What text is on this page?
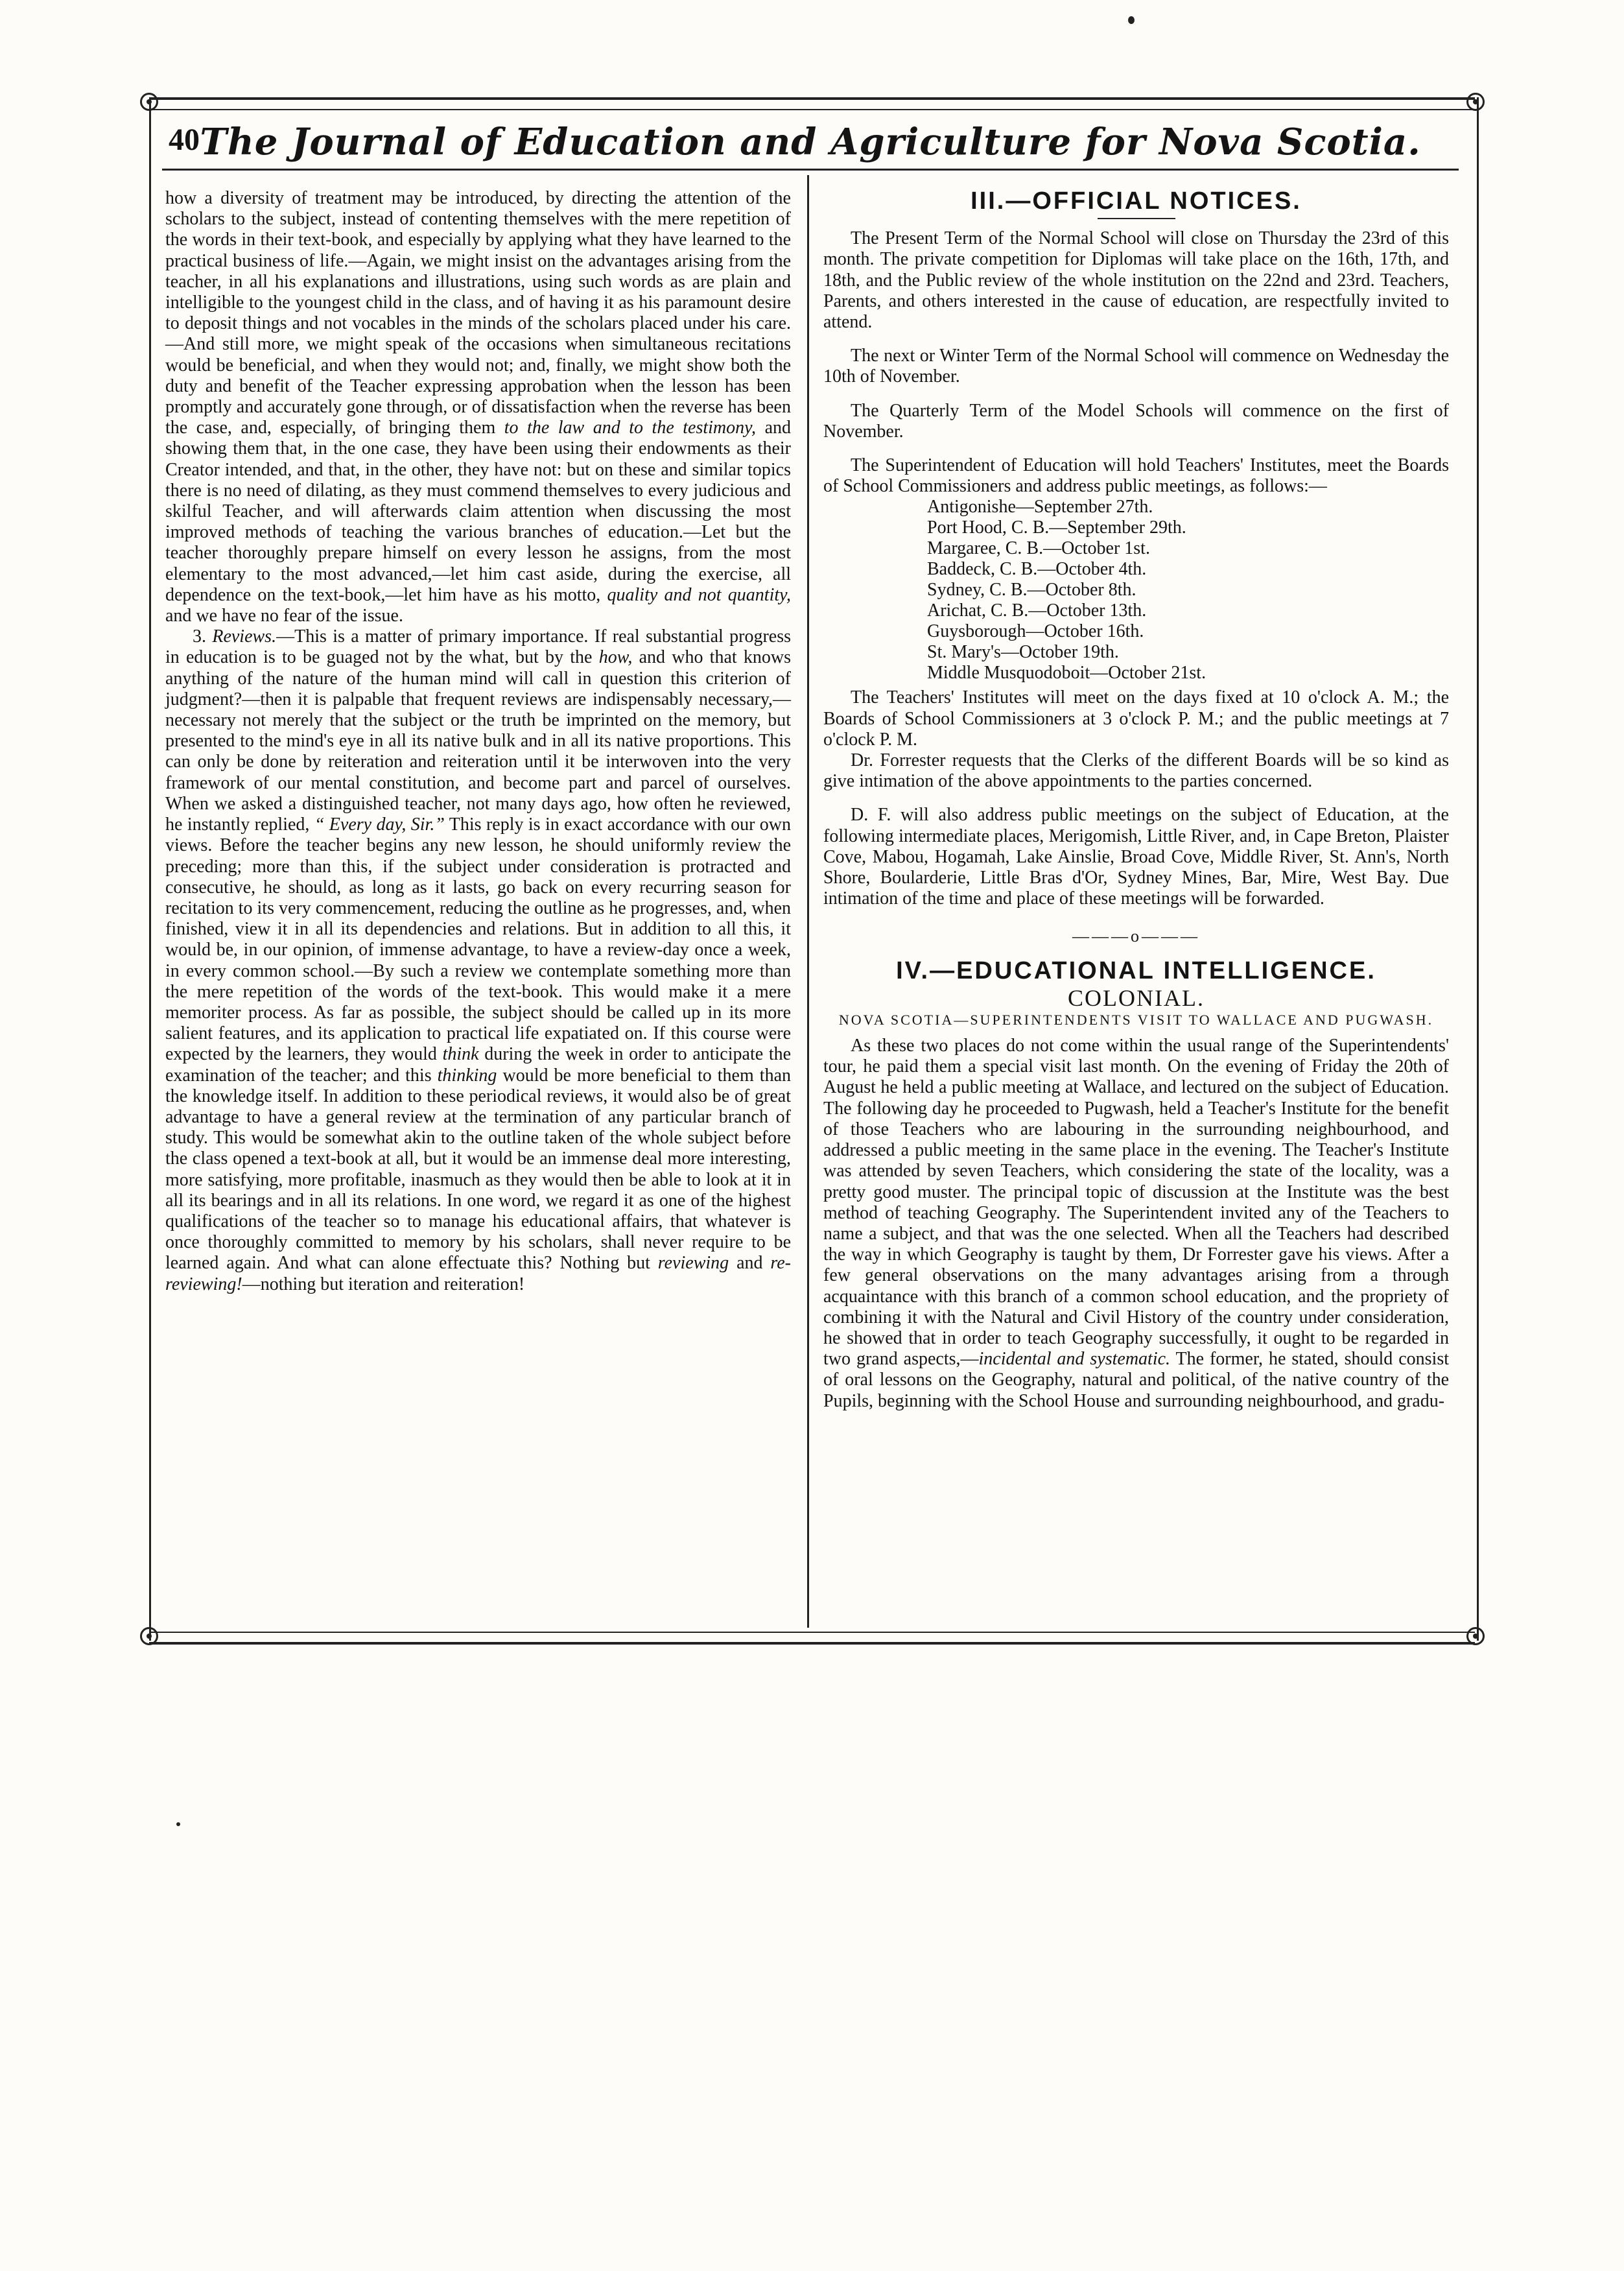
40 The Journal of Education and Agriculture for Nova Scotia.

how a diversity of treatment may be introduced, by directing the attention of the scholars to the subject, instead of contenting themselves with the mere repetition of the words in their text-book, and especially by applying what they have learned to the practical business of life.—Again, we might insist on the advantages arising from the teacher, in all his explanations and illustrations, using such words as are plain and intelligible to the youngest child in the class, and of having it as his paramount desire to deposit things and not vocables in the minds of the scholars placed under his care.—And still more, we might speak of the occasions when simultaneous recitations would be beneficial, and when they would not; and, finally, we might show both the duty and benefit of the Teacher expressing approbation when the lesson has been promptly and accurately gone through, or of dissatisfaction when the reverse has been the case, and, especially, of bringing them to the law and to the testimony, and showing them that, in the one case, they have been using their endowments as their Creator intended, and that, in the other, they have not: but on these and similar topics there is no need of dilating, as they must commend themselves to every judicious and skilful Teacher, and will afterwards claim attention when discussing the most improved methods of teaching the various branches of education.—Let but the teacher thoroughly prepare himself on every lesson he assigns, from the most elementary to the most advanced,—let him cast aside, during the exercise, all dependence on the text-book,—let him have as his motto, quality and not quantity, and we have no fear of the issue.

3. Reviews.—This is a matter of primary importance. If real substantial progress in education is to be guaged not by the what, but by the how, and who that knows anything of the nature of the human mind will call in question this criterion of judgment?—then it is palpable that frequent reviews are indispensably necessary,—necessary not merely that the subject or the truth be imprinted on the memory, but presented to the mind's eye in all its native bulk and in all its native proportions. This can only be done by reiteration and reiteration until it be interwoven into the very framework of our mental constitution, and become part and parcel of ourselves. When we asked a distinguished teacher, not many days ago, how often he reviewed, he instantly replied, “ Every day, Sir.” This reply is in exact accordance with our own views. Before the teacher begins any new lesson, he should uniformly review the preceding; more than this, if the subject under consideration is protracted and consecutive, he should, as long as it lasts, go back on every recurring season for recitation to its very commencement, reducing the outline as he progresses, and, when finished, view it in all its dependencies and relations. But in addition to all this, it would be, in our opinion, of immense advantage, to have a review-day once a week, in every common school.—By such a review we contemplate something more than the mere repetition of the words of the text-book. This would make it a mere memoriter process. As far as possible, the subject should be called up in its more salient features, and its application to practical life expatiated on. If this course were expected by the learners, they would think during the week in order to anticipate the examination of the teacher; and this thinking would be more beneficial to them than the knowledge itself. In addition to these periodical reviews, it would also be of great advantage to have a general review at the termination of any particular branch of study. This would be somewhat akin to the outline taken of the whole subject before the class opened a text-book at all, but it would be an immense deal more interesting, more satisfying, more profitable, inasmuch as they would then be able to look at it in all its bearings and in all its relations. In one word, we regard it as one of the highest qualifications of the teacher so to manage his educational affairs, that whatever is once thoroughly committed to memory by his scholars, shall never require to be learned again. And what can alone effectuate this? Nothing but reviewing and re-reviewing!—nothing but iteration and reiteration!

III.—OFFICIAL NOTICES.

The Present Term of the Normal School will close on Thursday the 23rd of this month. The private competition for Diplomas will take place on the 16th, 17th, and 18th, and the Public review of the whole institution on the 22nd and 23rd. Teachers, Parents, and others interested in the cause of education, are respectfully invited to attend.

The next or Winter Term of the Normal School will commence on Wednesday the 10th of November.

The Quarterly Term of the Model Schools will commence on the first of November.

The Superintendent of Education will hold Teachers' Institutes, meet the Boards of School Commissioners and address public meetings, as follows:—

Antigonishe—September 27th.
Port Hood, C. B.—September 29th.
Margaree, C. B.—October 1st.
Baddeck, C. B.—October 4th.
Sydney, C. B.—October 8th.
Arichat, C. B.—October 13th.
Guysborough—October 16th.
St. Mary's—October 19th.
Middle Musquodoboit—October 21st.

The Teachers' Institutes will meet on the days fixed at 10 o'clock A. M.; the Boards of School Commissioners at 3 o'clock P. M.; and the public meetings at 7 o'clock P. M.

Dr. Forrester requests that the Clerks of the different Boards will be so kind as give intimation of the above appointments to the parties concerned.

D. F. will also address public meetings on the subject of Education, at the following intermediate places, Merigomish, Little River, and, in Cape Breton, Plaister Cove, Mabou, Hogamah, Lake Ainslie, Broad Cove, Middle River, St. Ann's, North Shore, Boularderie, Little Bras d'Or, Sydney Mines, Bar, Mire, West Bay. Due intimation of the time and place of these meetings will be forwarded.

———o———
IV.—EDUCATIONAL INTELLIGENCE.
COLONIAL.
NOVA SCOTIA—SUPERINTENDENTS VISIT TO WALLACE AND PUGWASH.

As these two places do not come within the usual range of the Superintendents' tour, he paid them a special visit last month. On the evening of Friday the 20th of August he held a public meeting at Wallace, and lectured on the subject of Education. The following day he proceeded to Pugwash, held a Teacher's Institute for the benefit of those Teachers who are labouring in the surrounding neighbourhood, and addressed a public meeting in the same place in the evening. The Teacher's Institute was attended by seven Teachers, which considering the state of the locality, was a pretty good muster. The principal topic of discussion at the Institute was the best method of teaching Geography. The Superintendent invited any of the Teachers to name a subject, and that was the one selected. When all the Teachers had described the way in which Geography is taught by them, Dr Forrester gave his views. After a few general observations on the many advantages arising from a through acquaintance with this branch of a common school education, and the propriety of combining it with the Natural and Civil History of the country under consideration, he showed that in order to teach Geography successfully, it ought to be regarded in two grand aspects,—incidental and systematic. The former, he stated, should consist of oral lessons on the Geography, natural and political, of the native country of the Pupils, beginning with the School House and surrounding neighbourhood, and gradu-
